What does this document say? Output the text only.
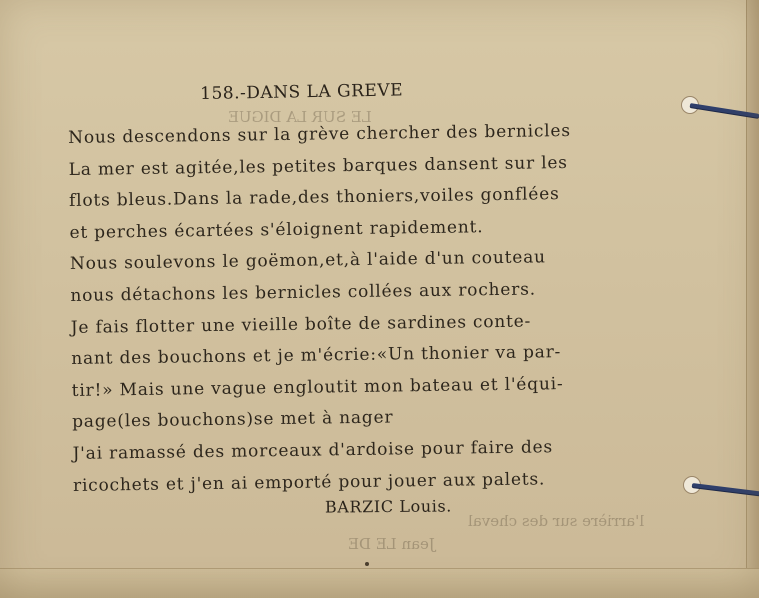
LE SUR LA DIGUE
l'arrière sur des cheval
Jean LE DE
158.-DANS LA GREVE
Nous descendons sur la grève chercher des bernicles
La mer est agitée,les petites barques dansent sur les
flots bleus.Dans la rade,des thoniers,voiles gonflées
et perches écartées s'éloignent rapidement.
Nous soulevons le goëmon,et,à l'aide d'un couteau
nous détachons les bernicles collées aux rochers.
Je fais flotter une vieille boîte de sardines conte-
nant des bouchons et je m'écrie:«Un thonier va par-
tir!» Mais une vague engloutit mon bateau et l'équi-
page(les bouchons)se met à nager
J'ai ramassé des morceaux d'ardoise pour faire des
ricochets et j'en ai emporté pour jouer aux palets.
BARZIC Louis.
